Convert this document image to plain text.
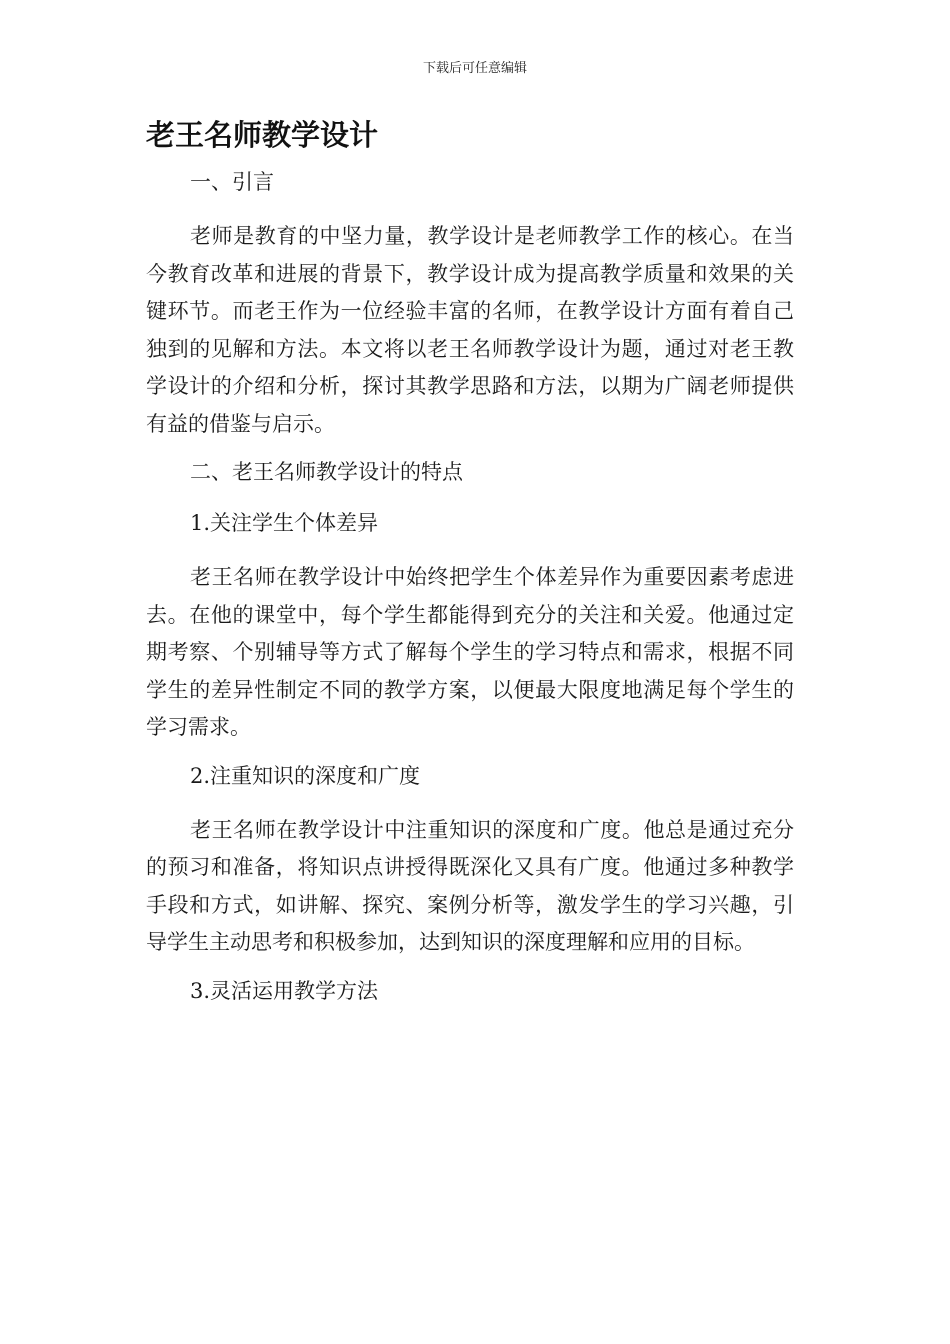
下载后可任意编辑
老王名师教学设计
一、引言

老师是教育的中坚力量，教学设计是老师教学工作的核心。在当今教育改革和进展的背景下，教学设计成为提高教学质量和效果的关键环节。而老王作为一位经验丰富的名师，在教学设计方面有着自己独到的见解和方法。本文将以老王名师教学设计为题，通过对老王教学设计的介绍和分析，探讨其教学思路和方法，以期为广阔老师提供有益的借鉴与启示。

二、老王名师教学设计的特点
1.关注学生个体差异

老王名师在教学设计中始终把学生个体差异作为重要因素考虑进去。在他的课堂中，每个学生都能得到充分的关注和关爱。他通过定期考察、个别辅导等方式了解每个学生的学习特点和需求，根据不同学生的差异性制定不同的教学方案，以便最大限度地满足每个学生的学习需求。

2.注重知识的深度和广度

老王名师在教学设计中注重知识的深度和广度。他总是通过充分的预习和准备，将知识点讲授得既深化又具有广度。他通过多种教学手段和方式，如讲解、探究、案例分析等，激发学生的学习兴趣，引导学生主动思考和积极参加，达到知识的深度理解和应用的目标。

3.灵活运用教学方法
